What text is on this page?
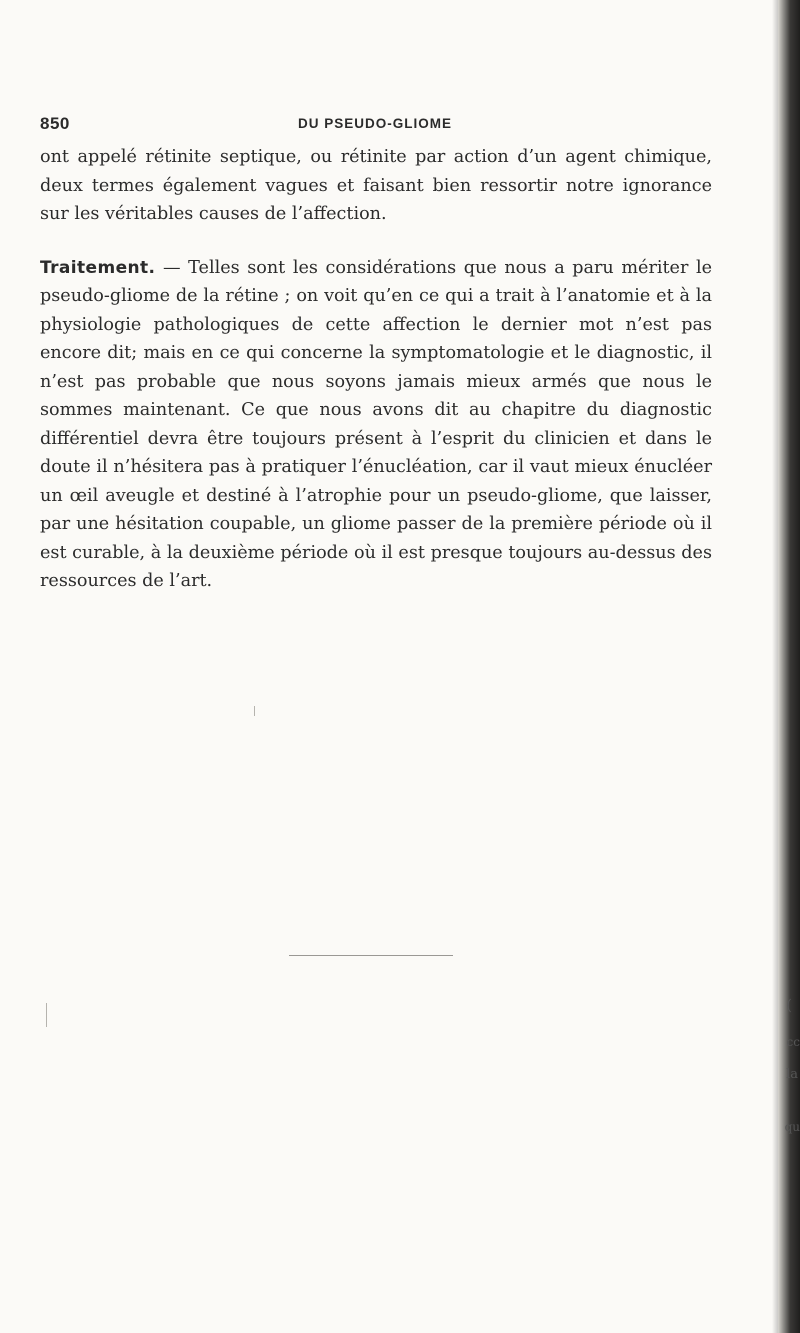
850	DU PSEUDO-GLIOME

ont appelé rétinite septique, ou rétinite par action d’un agent chimique, deux termes également vagues et faisant bien ressortir notre ignorance sur les véritables causes de l’affection.

Traitement. — Telles sont les considérations que nous a paru mériter le pseudo-gliome de la rétine ; on voit qu’en ce qui a trait à l’anatomie et à la physiologie pathologiques de cette affection le dernier mot n’est pas encore dit; mais en ce qui concerne la symptomatologie et le diagnostic, il n’est pas probable que nous soyons jamais mieux armés que nous le sommes maintenant. Ce que nous avons dit au chapitre du diagnostic différentiel devra être toujours présent à l’esprit du clinicien et dans le doute il n’hésitera pas à pratiquer l’énucléation, car il vaut mieux énucléer un œil aveugle et destiné à l’atrophie pour un pseudo-gliome, que laisser, par une hésitation coupable, un gliome passer de la première période où il est curable, à la deuxième période où il est presque toujours au-dessus des ressources de l’art.

(
cc
la
qu
